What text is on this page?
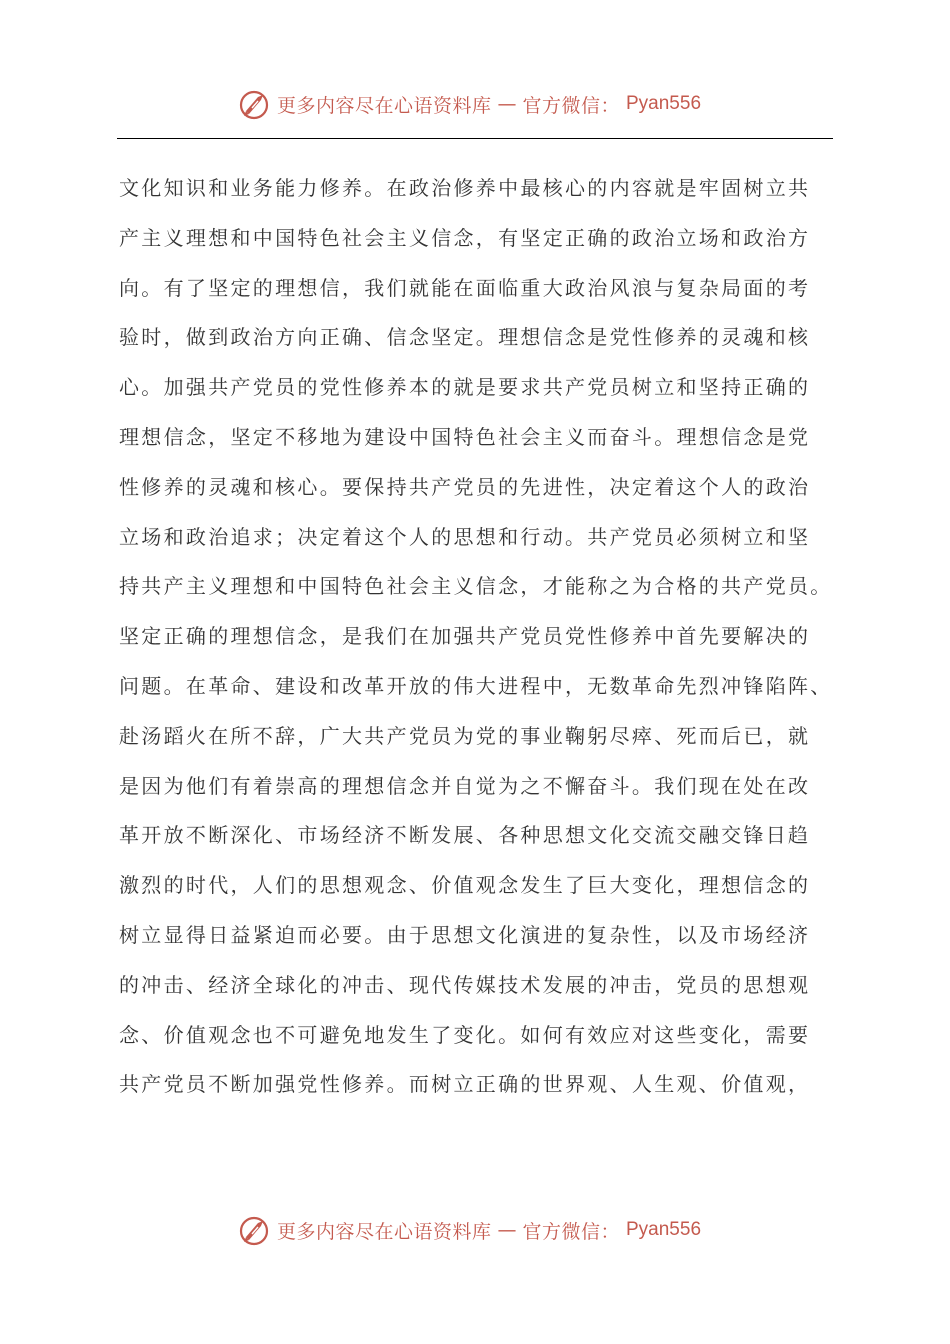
更多内容尽在心语资料库 — 官方微信： Pyan556
文化知识和业务能力修养。在政治修养中最核心的内容就是牢固树立共
产主义理想和中国特色社会主义信念，有坚定正确的政治立场和政治方
向。有了坚定的理想信，我们就能在面临重大政治风浪与复杂局面的考
验时，做到政治方向正确、信念坚定。理想信念是党性修养的灵魂和核
心。加强共产党员的党性修养本的就是要求共产党员树立和坚持正确的
理想信念，坚定不移地为建设中国特色社会主义而奋斗。理想信念是党
性修养的灵魂和核心。要保持共产党员的先进性，决定着这个人的政治
立场和政治追求；决定着这个人的思想和行动。共产党员必须树立和坚
持共产主义理想和中国特色社会主义信念，才能称之为合格的共产党员。
坚定正确的理想信念，是我们在加强共产党员党性修养中首先要解决的
问题。在革命、建设和改革开放的伟大进程中，无数革命先烈冲锋陷阵、
赴汤蹈火在所不辞，广大共产党员为党的事业鞠躬尽瘁、死而后已，就
是因为他们有着崇高的理想信念并自觉为之不懈奋斗。我们现在处在改
革开放不断深化、市场经济不断发展、各种思想文化交流交融交锋日趋
激烈的时代，人们的思想观念、价值观念发生了巨大变化，理想信念的
树立显得日益紧迫而必要。由于思想文化演进的复杂性，以及市场经济
的冲击、经济全球化的冲击、现代传媒技术发展的冲击，党员的思想观
念、价值观念也不可避免地发生了变化。如何有效应对这些变化，需要
共产党员不断加强党性修养。而树立正确的世界观、人生观、价值观，
更多内容尽在心语资料库 — 官方微信： Pyan556
